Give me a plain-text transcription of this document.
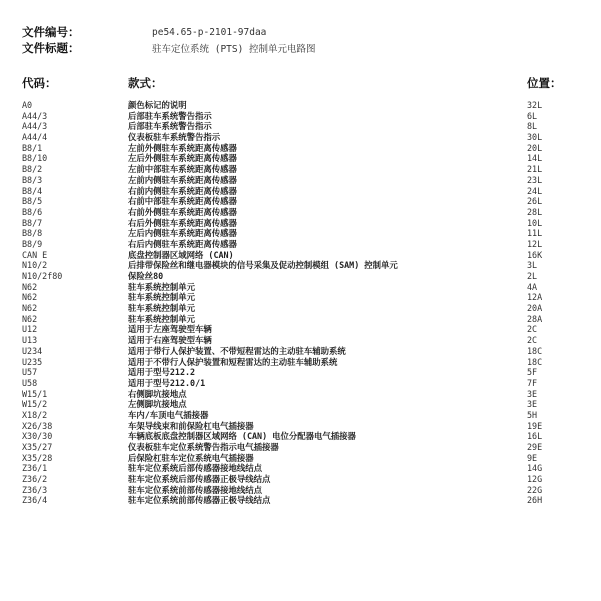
文件编号：	pe54.65-p-2101-97daa
文件标题：	驻车定位系统 (PTS) 控制单元电路图
代码：	款式：	位置：
A0	颜色标记的说明	32L
A44/3	后部驻车系统警告指示	6L
A44/3	后部驻车系统警告指示	8L
A44/4	仪表板驻车系统警告指示	30L
B8/1	左前外侧驻车系统距离传感器	20L
B8/10	左后外侧驻车系统距离传感器	14L
B8/2	左前中部驻车系统距离传感器	21L
B8/3	左前内侧驻车系统距离传感器	23L
B8/4	右前内侧驻车系统距离传感器	24L
B8/5	右前中部驻车系统距离传感器	26L
B8/6	右前外侧驻车系统距离传感器	28L
B8/7	右后外侧驻车系统距离传感器	10L
B8/8	左后内侧驻车系统距离传感器	11L
B8/9	右后内侧驻车系统距离传感器	12L
CAN E	底盘控制器区域网络 (CAN)	16K
N10/2	后排带保险丝和继电器模块的信号采集及促动控制模组 (SAM) 控制单元	3L
N10/2f80	保险丝80	2L
N62	驻车系统控制单元	4A
N62	驻车系统控制单元	12A
N62	驻车系统控制单元	20A
N62	驻车系统控制单元	28A
U12	适用于左座驾驶型车辆	2C
U13	适用于右座驾驶型车辆	2C
U234	适用于带行人保护装置、不带短程雷达的主动驻车辅助系统	18C
U235	适用于不带行人保护装置和短程雷达的主动驻车辅助系统	18C
U57	适用于型号212.2	5F
U58	适用于型号212.0/1	7F
W15/1	右侧脚坑接地点	3E
W15/2	左侧脚坑接地点	3E
X18/2	车内/车顶电气插接器	5H
X26/38	车架导线束和前保险杠电气插接器	19E
X30/30	车辆底板底盘控制器区域网络 (CAN) 电位分配器电气插接器	16L
X35/27	仪表板驻车定位系统警告指示电气插接器	29E
X35/28	后保险杠驻车定位系统电气插接器	9E
Z36/1	驻车定位系统后部传感器接地线结点	14G
Z36/2	驻车定位系统后部传感器正极导线结点	12G
Z36/3	驻车定位系统前部传感器接地线结点	22G
Z36/4	驻车定位系统前部传感器正极导线结点	26H
